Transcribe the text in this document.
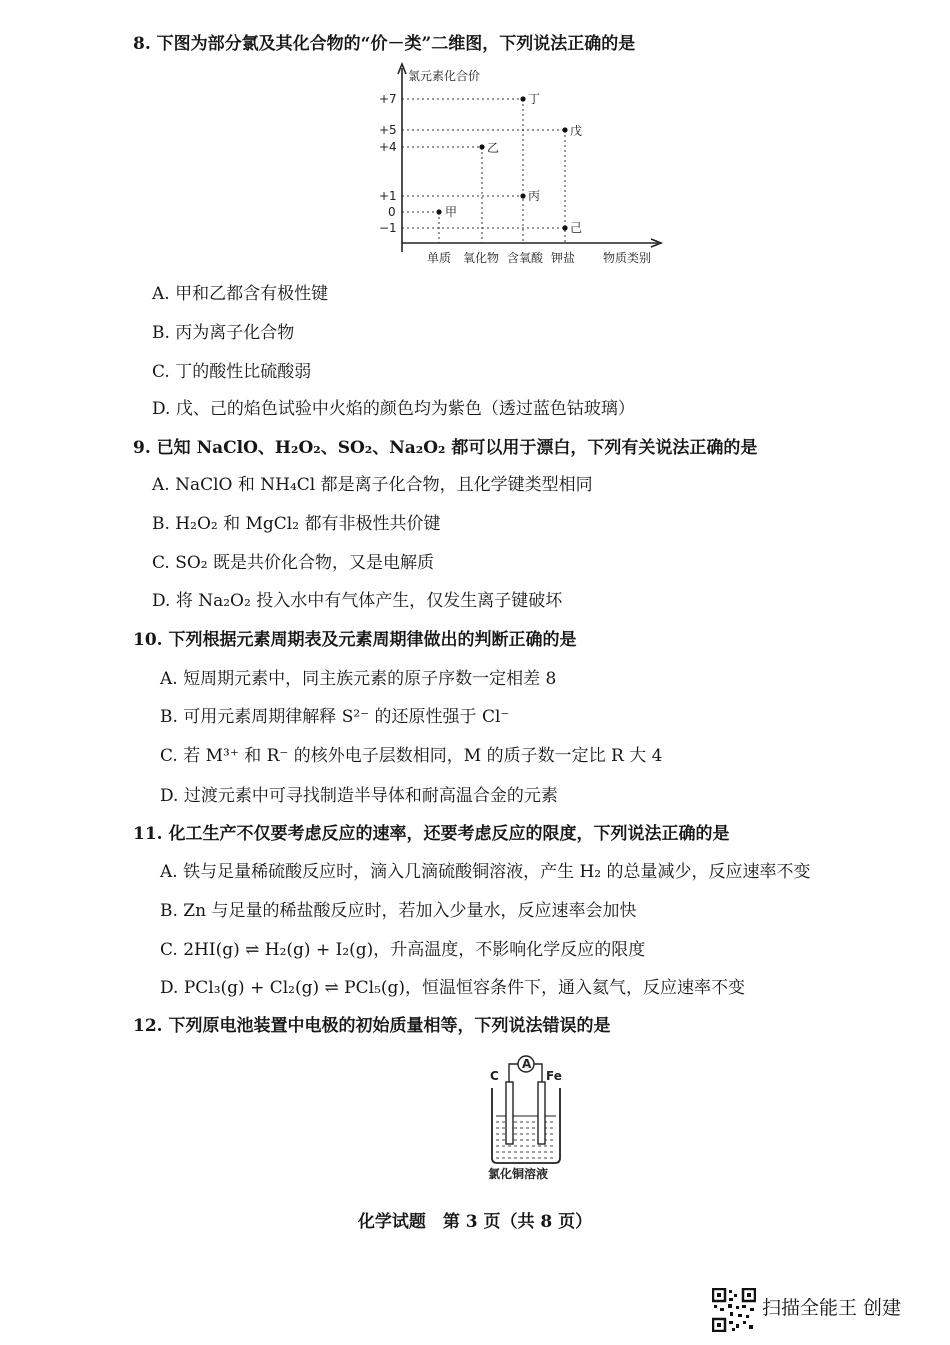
8. 下图为部分氯及其化合物的“价－类”二维图，下列说法正确的是
氯元素化合价
+7
+5
+4
+1
0
−1
甲
乙
丙
丁
戊
己
单质 氧化物 含氧酸 钾盐 物质类别
A. 甲和乙都含有极性键
B. 丙为离子化合物
C. 丁的酸性比硫酸弱
D. 戊、己的焰色试验中火焰的颜色均为紫色（透过蓝色钴玻璃）
9. 已知 NaClO、H₂O₂、SO₂、Na₂O₂ 都可以用于漂白，下列有关说法正确的是
A. NaClO 和 NH₄Cl 都是离子化合物，且化学键类型相同
B. H₂O₂ 和 MgCl₂ 都有非极性共价键
C. SO₂ 既是共价化合物，又是电解质
D. 将 Na₂O₂ 投入水中有气体产生，仅发生离子键破坏
10. 下列根据元素周期表及元素周期律做出的判断正确的是
A. 短周期元素中，同主族元素的原子序数一定相差 8
B. 可用元素周期律解释 S²⁻ 的还原性强于 Cl⁻
C. 若 M³⁺ 和 R⁻ 的核外电子层数相同，M 的质子数一定比 R 大 4
D. 过渡元素中可寻找制造半导体和耐高温合金的元素
11. 化工生产不仅要考虑反应的速率，还要考虑反应的限度，下列说法正确的是
A. 铁与足量稀硫酸反应时，滴入几滴硫酸铜溶液，产生 H₂ 的总量减少，反应速率不变
B. Zn 与足量的稀盐酸反应时，若加入少量水，反应速率会加快
C. 2HI(g) ⇌ H₂(g) + I₂(g)，升高温度，不影响化学反应的限度
D. PCl₃(g) + Cl₂(g) ⇌ PCl₅(g)，恒温恒容条件下，通入氦气，反应速率不变
12. 下列原电池装置中电极的初始质量相等，下列说法错误的是
A
C	Fe
氯化铜溶液
化学试题　第 3 页（共 8 页）
扫描全能王 创建
